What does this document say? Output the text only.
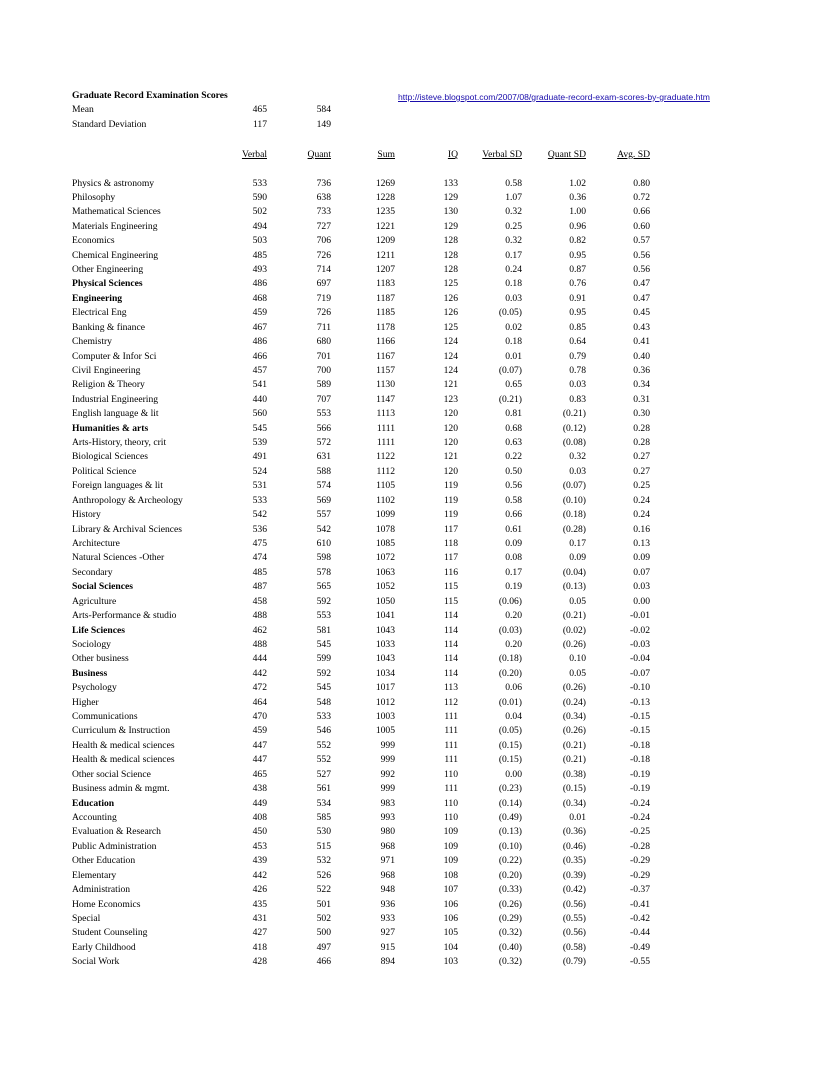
Graduate Record Examination Scores	http://isteve.blogspot.com/2007/08/graduate-record-exam-scores-by-graduate.htm
Mean	465	584
Standard Deviation	117	149
Verbal	Quant	Sum	IQ	Verbal SD	Quant SD	Avg. SD
Physics & astronomy	533	736	1269	133	0.58	1.02	0.80
Philosophy	590	638	1228	129	1.07	0.36	0.72
Mathematical Sciences	502	733	1235	130	0.32	1.00	0.66
Materials Engineering	494	727	1221	129	0.25	0.96	0.60
Economics	503	706	1209	128	0.32	0.82	0.57
Chemical Engineering	485	726	1211	128	0.17	0.95	0.56
Other Engineering	493	714	1207	128	0.24	0.87	0.56
Physical Sciences	486	697	1183	125	0.18	0.76	0.47
Engineering	468	719	1187	126	0.03	0.91	0.47
Electrical Eng	459	726	1185	126	(0.05)	0.95	0.45
Banking & finance	467	711	1178	125	0.02	0.85	0.43
Chemistry	486	680	1166	124	0.18	0.64	0.41
Computer & Infor Sci	466	701	1167	124	0.01	0.79	0.40
Civil Engineering	457	700	1157	124	(0.07)	0.78	0.36
Religion & Theory	541	589	1130	121	0.65	0.03	0.34
Industrial Engineering	440	707	1147	123	(0.21)	0.83	0.31
English language & lit	560	553	1113	120	0.81	(0.21)	0.30
Humanities & arts	545	566	1111	120	0.68	(0.12)	0.28
Arts-History, theory, crit	539	572	1111	120	0.63	(0.08)	0.28
Biological Sciences	491	631	1122	121	0.22	0.32	0.27
Political Science	524	588	1112	120	0.50	0.03	0.27
Foreign languages & lit	531	574	1105	119	0.56	(0.07)	0.25
Anthropology & Archeology	533	569	1102	119	0.58	(0.10)	0.24
History	542	557	1099	119	0.66	(0.18)	0.24
Library & Archival Sciences	536	542	1078	117	0.61	(0.28)	0.16
Architecture	475	610	1085	118	0.09	0.17	0.13
Natural Sciences -Other	474	598	1072	117	0.08	0.09	0.09
Secondary	485	578	1063	116	0.17	(0.04)	0.07
Social Sciences	487	565	1052	115	0.19	(0.13)	0.03
Agriculture	458	592	1050	115	(0.06)	0.05	0.00
Arts-Performance & studio	488	553	1041	114	0.20	(0.21)	-0.01
Life Sciences	462	581	1043	114	(0.03)	(0.02)	-0.02
Sociology	488	545	1033	114	0.20	(0.26)	-0.03
Other business	444	599	1043	114	(0.18)	0.10	-0.04
Business	442	592	1034	114	(0.20)	0.05	-0.07
Psychology	472	545	1017	113	0.06	(0.26)	-0.10
Higher	464	548	1012	112	(0.01)	(0.24)	-0.13
Communications	470	533	1003	111	0.04	(0.34)	-0.15
Curriculum & Instruction	459	546	1005	111	(0.05)	(0.26)	-0.15
Health & medical sciences	447	552	999	111	(0.15)	(0.21)	-0.18
Health & medical sciences	447	552	999	111	(0.15)	(0.21)	-0.18
Other social Science	465	527	992	110	0.00	(0.38)	-0.19
Business admin & mgmt.	438	561	999	111	(0.23)	(0.15)	-0.19
Education	449	534	983	110	(0.14)	(0.34)	-0.24
Accounting	408	585	993	110	(0.49)	0.01	-0.24
Evaluation & Research	450	530	980	109	(0.13)	(0.36)	-0.25
Public Administration	453	515	968	109	(0.10)	(0.46)	-0.28
Other Education	439	532	971	109	(0.22)	(0.35)	-0.29
Elementary	442	526	968	108	(0.20)	(0.39)	-0.29
Administration	426	522	948	107	(0.33)	(0.42)	-0.37
Home Economics	435	501	936	106	(0.26)	(0.56)	-0.41
Special	431	502	933	106	(0.29)	(0.55)	-0.42
Student Counseling	427	500	927	105	(0.32)	(0.56)	-0.44
Early Childhood	418	497	915	104	(0.40)	(0.58)	-0.49
Social Work	428	466	894	103	(0.32)	(0.79)	-0.55
